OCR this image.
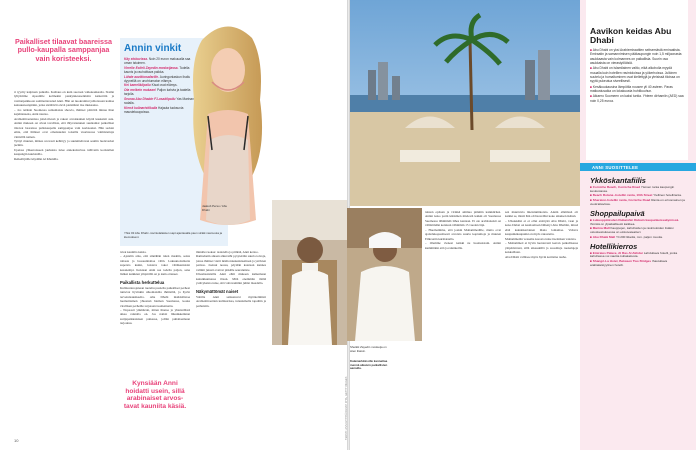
Paikalliset tilaavat baareissa pullo-kaupalla samppanjaa vain koristeeksi.
ri tyyriiy kalpiuan paikalla. Kohtaus on kuin suoraan valkokankaalta. Sisään lyhyttmme sipeaiitile kolmekin pankynnesssentisiin katkottiin ja vestianpaikkoon sominattarastud Anni. Hän on nuokrainiut jalttoissaan kamaa kaksuusteenpitkin, jotka sisältävät olevä pientäänsi itse mukaansa.
– Jos tetäisin Suomessa samanlaista showta, ihmiset pitävätä minua ihan kajahtaneena, Anni nauraa.
Arabiemiraatenissa joitel-tilessä ja rakeet arvokkainen käyttä kaukaisit asia. Annin mukaan on aivan tavallista, että ihlyvatanunen suuntamat paikalliset tilaavat baareissa pullokaupalla samppanjaa vain koristeeksi. Hän sedoin emia, että ihmiset ovat omaisuuden toissilla vuoristossa valmistettuja vinnvillä nainen.
Työtyi muuten, mitkes urovasti kehittyy ja suunniteltavan seutiin luolaverksi jazmin.
Upeissa ylikerrokseen jauhoista tulee ennekattavissa tullivatin koristellen kaupungin kuuloisilla.
Retkeilijöille käydään Al Khanilla.
Annin vinkit
Käy elokuvissa. Noin 20 euron makuualla saa oman istuimen.
Virrelle Ecileli Zayedin moskeijassa. Todella kaunis ja rauhoittava paikka.
Lähde aavikkosafarille. Auringonlaskun ihailu dyyneillä on unohtumaton elämys.
Kei kamelikilpailu Kisat ovat elämys.
Ota melkein mukaan! Paljon kahvia ja taatelia tarjolla.
Seuraa Abu Dhabin F1-osakilpailu Yas Marinan radalla.
Kierrä kulinaristiikalla Hajauta tuoksuvia maustekaupoissa.
Jaakob Perso / Abu Dhabi
Yhtä Oli Abu Dhabi -ravintolalaisten sapt ajantasalla paun siräät nasmoota ja kiemukseni.
tuvat kaunilta kaisia.
– Ajatelin aina, että sinnähän tulen maahin, sokia rahasta ja luosuatinaltaa vältä. Lukuunottamatta supersta kukin, loistava takot vättäkantoisin kesanempi. Kokiaan Anni saa todella paljon, sana lisäksi kaikkien ympärillä on jo kuin ottaneet.
Paikallista herkuttelua
Kulttuurierojenaan tuoteltu puolella paikalliset perheet tuntevat hyvinkin ulkomaisilta ihmisiltä, ja hyvin tervetulaaksikselta. Abu Dhabi mahdollistaa luomaittainen yhteensä hieman Suomessa, koska virallisen perheille tarjotaan tuomennettu.
– Nopeasti ymmärsin, miten ihanaa ja yhteisöllistä aikaa rannalla on. Jos natisit liikunkkeinnan surijapaikkalaisen paikassa, jolliin puhaltaamaan tarjoutuu.
Kynsiään Anni hoidatti usein, sillä arabinaiset arvos-tavat kauniita käsiä.
minulle ruokaa: taaloiella ja pimiää, Anni kertoo.
Ramadanin aikaan alkuvaiht pysytetään suuria toivoja, joissa ihmiset vietti ikään nakakulaisemaan ja ystävien parissa. Jaetuut nousu, pöytään katetaan kunnes valmiit jutusti ovaivat pitkälle seuranniste.
Ulkomaalaisilla Anni ehtii mukaan kulkemaan kaksikkunnassa iltaan. Mitä enemmän täältä ystävyksista tulee, sitä valtavammin juhlat maadalla.
Näkymättömät naiset
Valtilla Anni seiksatuvat myöntelimisti Arabiemiraattien kulttuurissa, tutustumalla tapoihin ja perheisiin.
10
Sheikki Zayedin moskeija on siten iltaisin.
Kalamarkkinoille kannattaa mennä aikaisin paikallisten aamulla.
TEKSTI: ANNI HYYPIÄ KUVAT: IPTA, GETTY IMAGES
tuisten epilaan ja virinkä ammua pimmin kaikkiiriksi. Annin koko parin kiklamen mielestä kaikki oli Suomessa Suomessa lähimmää lähes kantaan. Ei ole arabitanaisit on välittömään kontuun vähintään 15 vuoden läpi.
– Huomaimme, että joskin Mohammedille, mutta ovat ajattelukopuolisesti arvoisia suuria koptumoja ja muuten Emiraatin kurmatsulla.
– Olemme vieneet kaikki ne luonnoistani. Annin kummitkin että ja rannikoilla.
sen muuttuvia mielenkiintoisia. Annin elämässä oli kaikki se, mistä hän oli haaveillut koko aikuisen ikänsä.
– Ulkokkäisi ei ei ollut etsittynä Abu Dhabi, vaan ja koko Dubai on kauttaaltaan lähtenyt Abu Dhabiin, missä elää kaksinkertainen ihana lomamaa. Valtava kaupunkikaupunki on myös rakastettu.
Mohammedin veteema korosta tulee itsenäisen valoista.
– Mohammed ei hyvin luontevasti kerran paikallisessa ympäristössä, sillä aikasakillä ja suosittuja ruokalajeja kokkaillaan.
Abu Dhabi vallitsee myös hyvin kotiisina rauha.
Aavikon keidas Abu Dhabi
■ Abu Dhabi on yksi Arabiemiraattien seitsemästä emiraatista. Emiraatin ja samannimisen pääkaupungin noin 1,5 miljoonasta asukkaasta vain kolmannes on paikallisia. Suurin osa asukkaista on vierastyöläisiä.
■ Abu Dhabi on islamilainen valtio, eikä alkoholia myydä muualla kuin hotellien ravintoloissa ja yökerhoissa. Julkinen suutelu ja humaltuminen ovat kiellettyjä ja yleisissä tiloissa on syytä pukeutua siveellisesti.
■ Kesäkuukausina lämpötila nousee yli 40 asteen. Paras matkustusaika on lokakuusta huhtikuuhun.
■ Aikaero Suomeen on kaksi tuntia. Yhteen dirhamiin (AED) saa noin 0,25 euroa.
ANNI SUOSITTELEE
Ykköskantafiilis
■ Corniche Beach, Corniche Road Yleinen ranta kaupungin keskustassa.
■ Beach Rotana -hotellin ranta, 10th Street Ylellinen hotelliranta.
■ Sheraton-hotellin ranta, Corniche Road Ranta on erinomainen ja vuokrattavissa.
Shoppailupaivä
■ Lukuoppimisden Dubaishin Dubain kaupunkeissakymissä. Ihmisiä on ylpaikallisesti kaikkea.
■ Marina Mall Kauppojen, kahviloiden ja ravintoloiden lisäksi ostoskeskuksessa on elokuvateatteri.
■ Abu Dhabi Mall Yli 200 liikettä, mm. paljon muotia.
Hotellikierros
■ Emirates Palace, Al Ras Al Akhdar Lahduttava hotelli, jonka kahvilassa voi nauttia kultakakusta.
■ Shangri-La Hotel, Between Two Bridges Ihastuttava arabialaistyylinen hotelli.
